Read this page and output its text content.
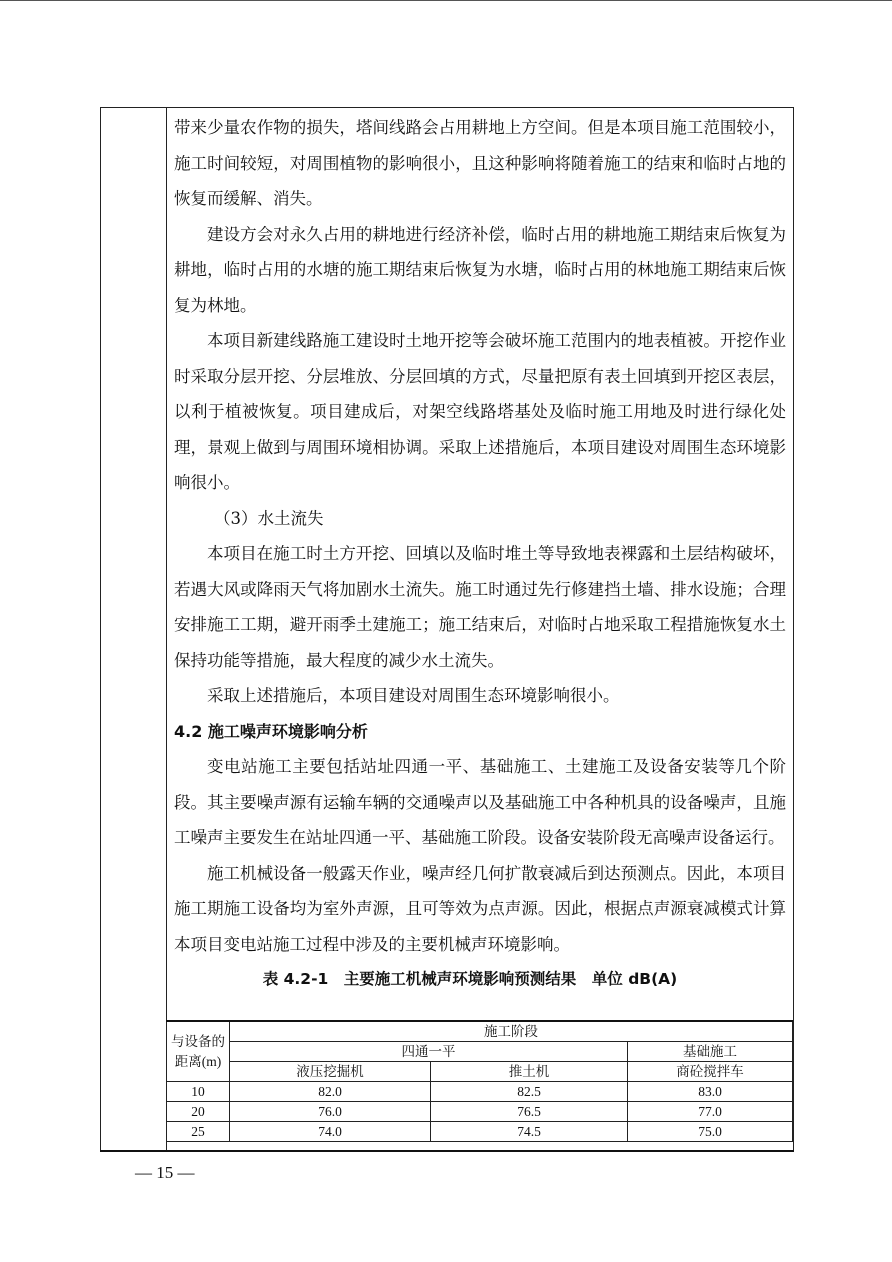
带来少量农作物的损失，塔间线路会占用耕地上方空间。但是本项目施工范围较小，施工时间较短，对周围植物的影响很小，且这种影响将随着施工的结束和临时占地的恢复而缓解、消失。

建设方会对永久占用的耕地进行经济补偿，临时占用的耕地施工期结束后恢复为耕地，临时占用的水塘的施工期结束后恢复为水塘，临时占用的林地施工期结束后恢复为林地。

本项目新建线路施工建设时土地开挖等会破坏施工范围内的地表植被。开挖作业时采取分层开挖、分层堆放、分层回填的方式，尽量把原有表土回填到开挖区表层，以利于植被恢复。项目建成后，对架空线路塔基处及临时施工用地及时进行绿化处理，景观上做到与周围环境相协调。采取上述措施后，本项目建设对周围生态环境影响很小。

（3）水土流失

本项目在施工时土方开挖、回填以及临时堆土等导致地表裸露和土层结构破坏，若遇大风或降雨天气将加剧水土流失。施工时通过先行修建挡土墙、排水设施；合理安排施工工期，避开雨季土建施工；施工结束后，对临时占地采取工程措施恢复水土保持功能等措施，最大程度的减少水土流失。

采取上述措施后，本项目建设对周围生态环境影响很小。

4.2 施工噪声环境影响分析

变电站施工主要包括站址四通一平、基础施工、土建施工及设备安装等几个阶段。其主要噪声源有运输车辆的交通噪声以及基础施工中各种机具的设备噪声，且施工噪声主要发生在站址四通一平、基础施工阶段。设备安装阶段无高噪声设备运行。

施工机械设备一般露天作业，噪声经几何扩散衰减后到达预测点。因此，本项目施工期施工设备均为室外声源，且可等效为点声源。因此，根据点声源衰减模式计算本项目变电站施工过程中涉及的主要机械声环境影响。

表 4.2-1　主要施工机械声环境影响预测结果　单位 dB(A)

与设备的距离(m)	施工阶段		
	四通一平		基础施工
	液压挖掘机	推土机	商砼搅拌车
10	82.0	82.5	83.0
20	76.0	76.5	77.0
25	74.0	74.5	75.0
— 15 —
